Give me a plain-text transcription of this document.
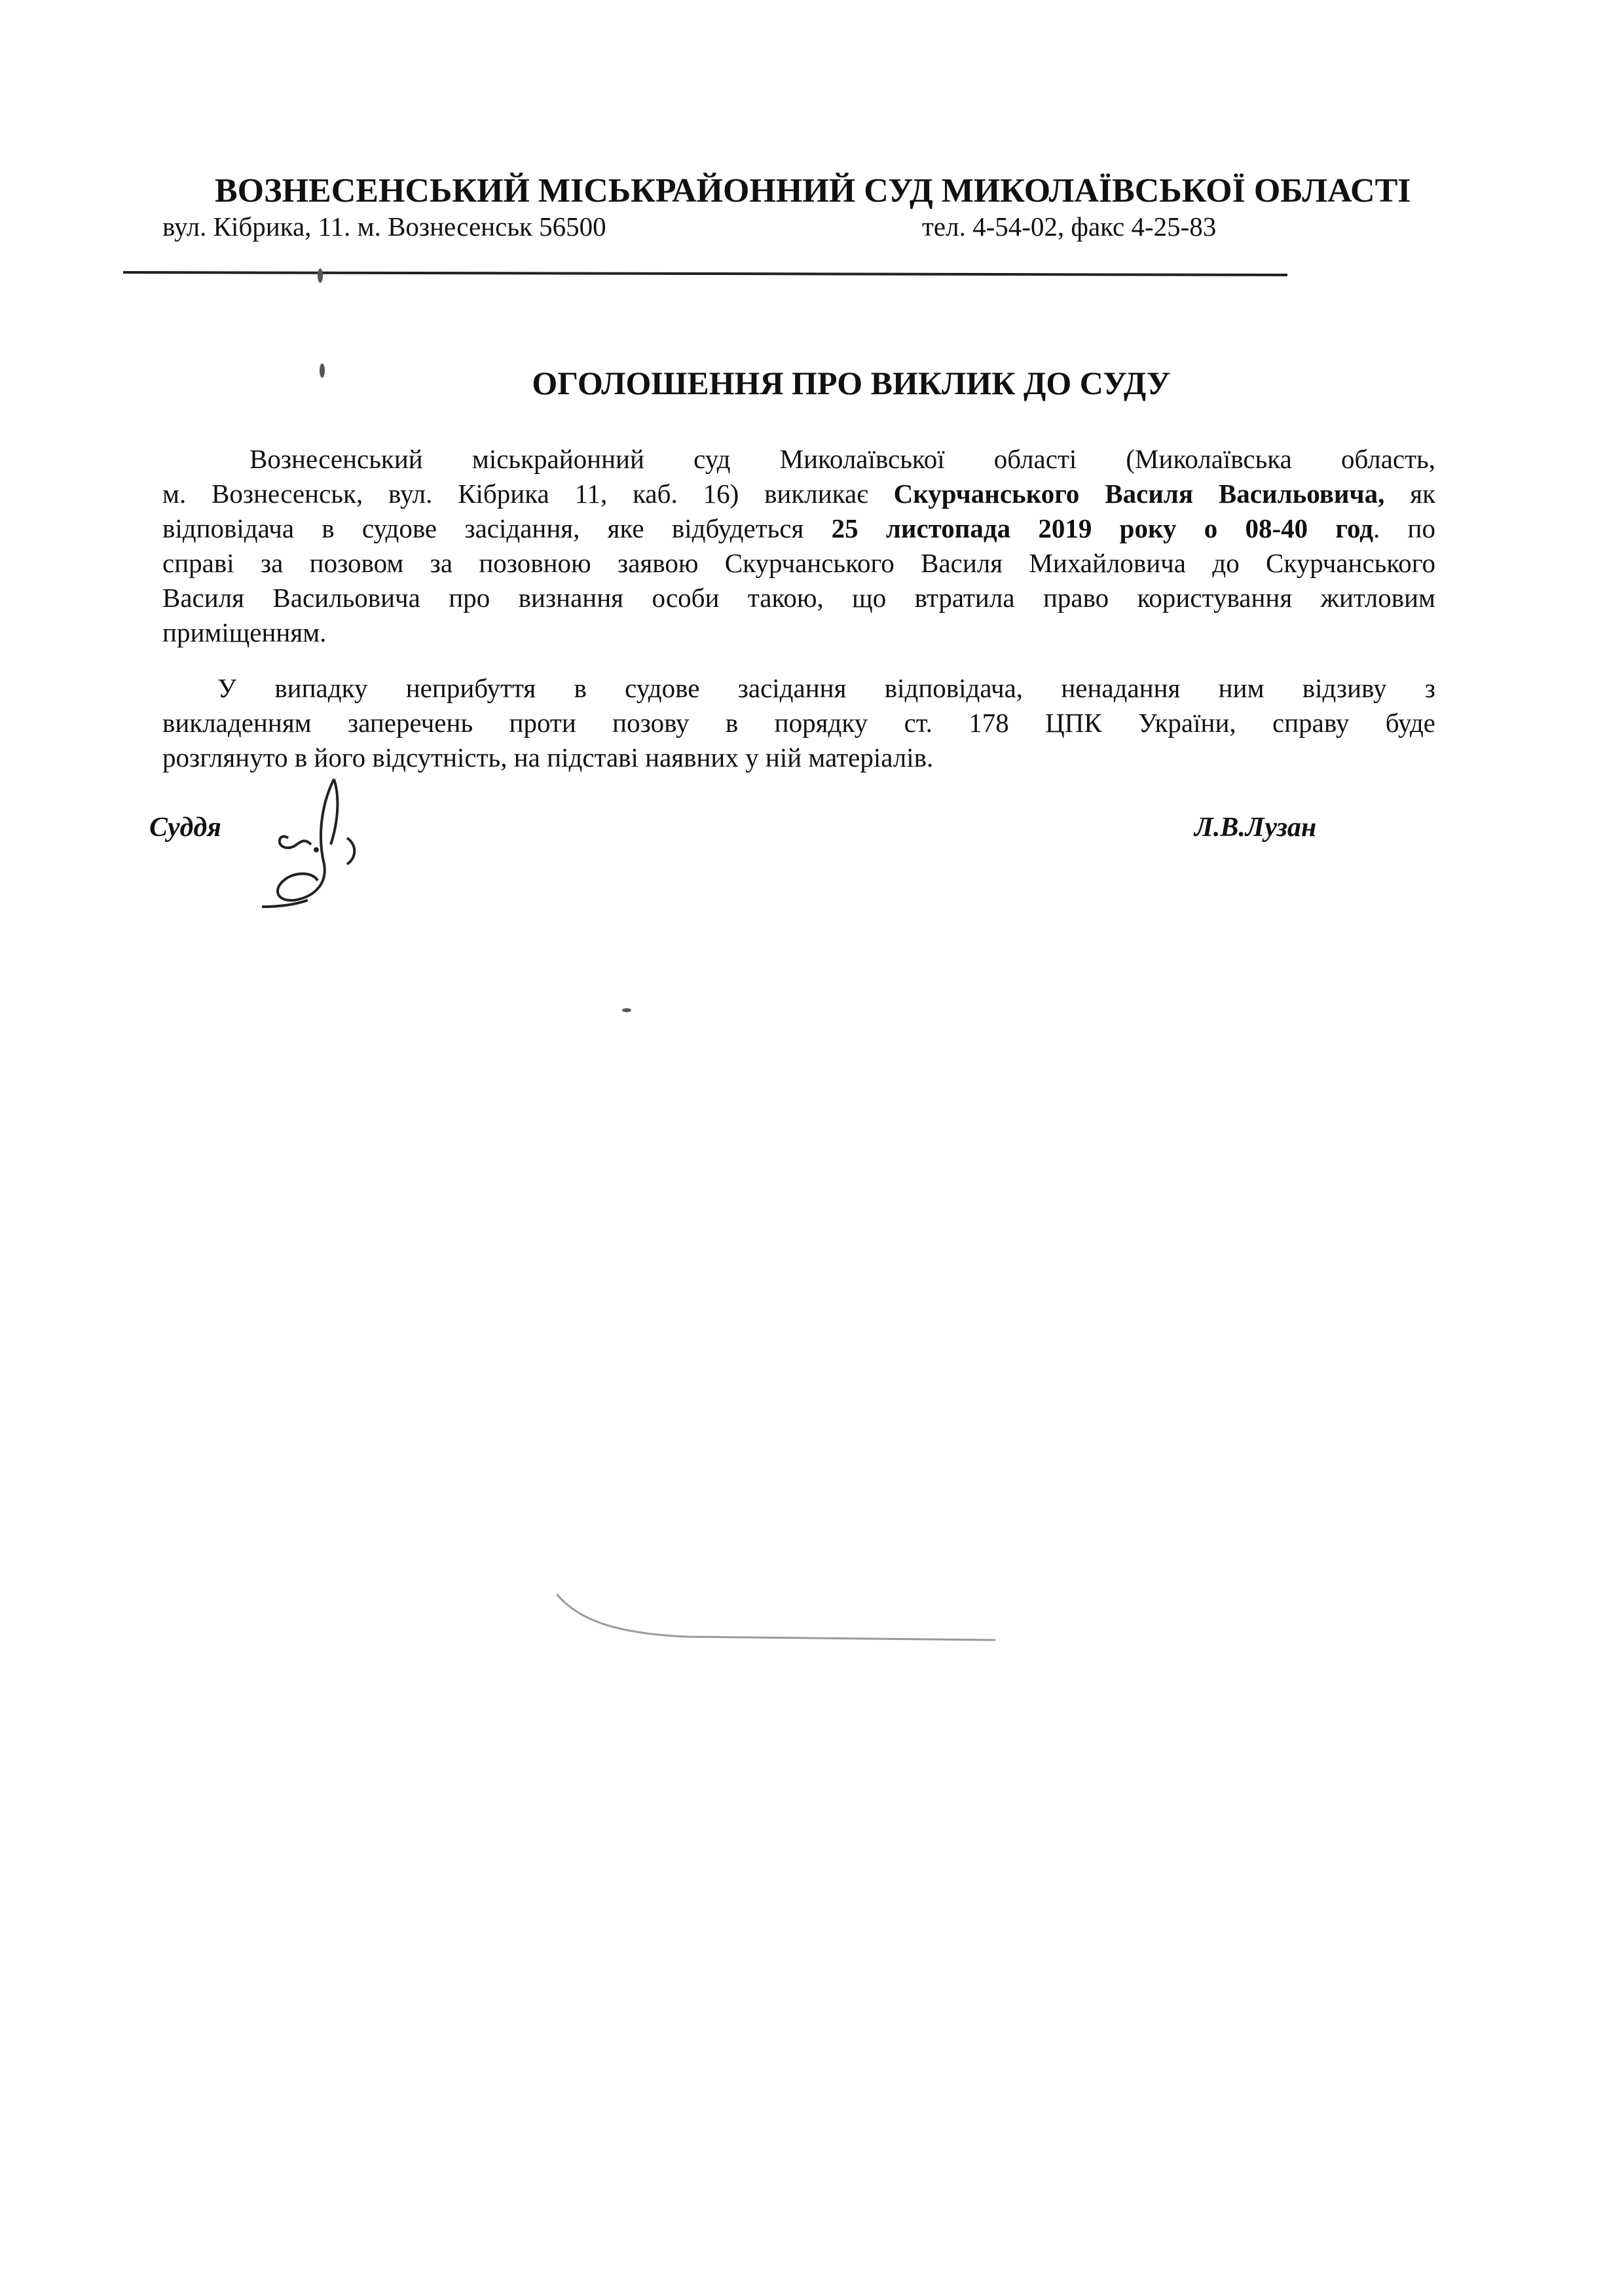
ВОЗНЕСЕНСЬКИЙ МІСЬКРАЙОННИЙ СУД МИКОЛАЇВСЬКОЇ ОБЛАСТІ
вул. Кібрика, 11. м. Вознесенськ 56500	тел. 4-54-02, факс 4-25-83
ОГОЛОШЕННЯ ПРО ВИКЛИК ДО СУДУ
Вознесенський міськрайонний суд Миколаївської області (Миколаївська область,
м. Вознесенськ, вул. Кібрика 11, каб. 16) викликає Скурчанського Василя Васильовича, як
відповідача в судове засідання, яке відбудеться 25 листопада 2019 року о 08-40 год. по
справі за позовом за позовною заявою Скурчанського Василя Михайловича до Скурчанського
Василя Васильовича про визнання особи такою, що втратила право користування житловим
приміщенням.
У випадку неприбуття в судове засідання відповідача, ненадання ним відзиву з
викладенням заперечень проти позову в порядку ст. 178 ЦПК України, справу буде
розглянуто в його відсутність, на підставі наявних у ній матеріалів.
Суддя	Л.В.Лузан
